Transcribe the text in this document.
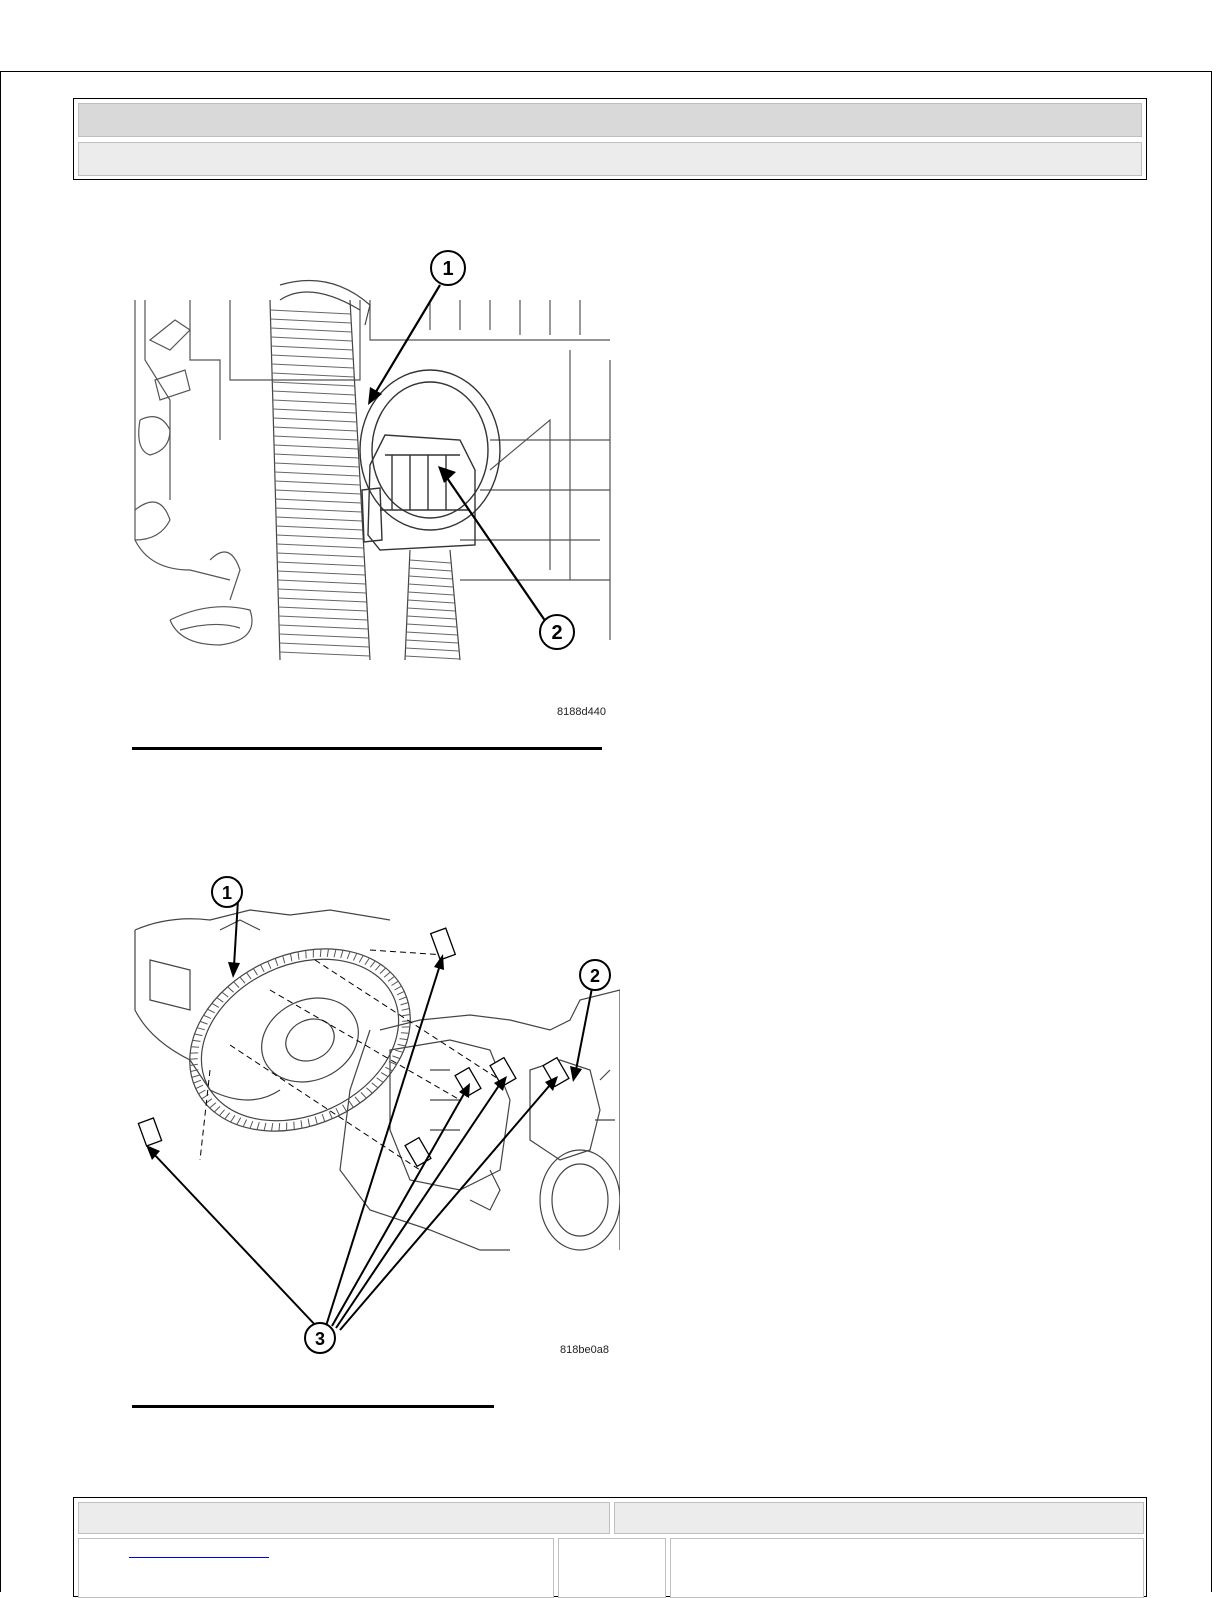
1
2
8188d440
1
2
3
818be0a8
